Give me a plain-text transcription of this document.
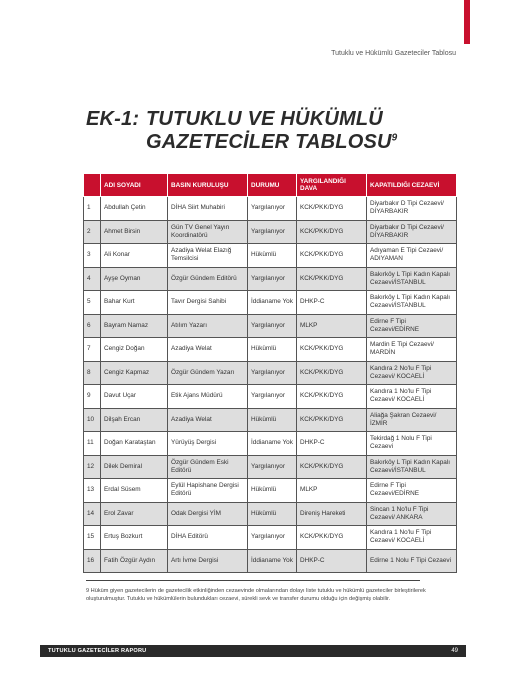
Tutuklu ve Hükümlü Gazeteciler Tablosu
EK-1: TUTUKLU VE HÜKÜMLÜ
GAZETECİLER TABLOSU$^9$
	ADI SOYADI	BASIN KURULUŞU	DURUMU	YARGILANDIĞI DAVA	KAPATILDIĞI CEZAEVİ
1	Abdullah Çetin	DİHA Siirt Muhabiri	Yargılanıyor	KCK/PKK/DYG	Diyarbakır D Tipi Cezaevi/ DİYARBAKIR
2	Ahmet Birsin	Gün TV Genel Yayın Koordinatörü	Yargılanıyor	KCK/PKK/DYG	Diyarbakır D Tipi Cezaevi/ DİYARBAKIR
3	Ali Konar	Azadiya Welat Elazığ Temsilcisi	Hükümlü	KCK/PKK/DYG	Adıyaman E Tipi Cezaevi/ ADIYAMAN
4	Ayşe Oyman	Özgür Gündem Editörü	Yargılanıyor	KCK/PKK/DYG	Bakırköy L Tipi Kadın Kapalı Cezaevi/İSTANBUL
5	Bahar Kurt	Tavır Dergisi Sahibi	İddianame Yok	DHKP-C	Bakırköy L Tipi Kadın Kapalı Cezaevi/İSTANBUL
6	Bayram Namaz	Atılım Yazarı	Yargılanıyor	MLKP	Edirne F Tipi Cezaevi/EDİRNE
7	Cengiz Doğan	Azadiya Welat	Hükümlü	KCK/PKK/DYG	Mardin E Tipi Cezaevi/ MARDİN
8	Cengiz Kapmaz	Özgür Gündem Yazarı	Yargılanıyor	KCK/PKK/DYG	Kandıra 2 No'lu F Tipi Cezaevi/ KOCAELİ
9	Davut Uçar	Etik Ajans Müdürü	Yargılanıyor	KCK/PKK/DYG	Kandıra 1 No'lu F Tipi Cezaevi/ KOCAELİ
10	Dilşah Ercan	Azadiya Welat	Hükümlü	KCK/PKK/DYG	Aliağa Şakran Cezaevi/İZMİR
11	Doğan Karataştan	Yürüyüş Dergisi	İddianame Yok	DHKP-C	Tekirdağ 1 Nolu F Tipi Cezaevi
12	Dilek Demiral	Özgür Gündem Eski Editörü	Yargılanıyor	KCK/PKK/DYG	Bakırköy L Tipi Kadın Kapalı Cezaevi/İSTANBUL
13	Erdal Süsem	Eylül Hapishane Dergisi Editörü	Hükümlü	MLKP	Edirne F Tipi Cezaevi/EDİRNE
14	Erol Zavar	Odak Dergisi YİM	Hükümlü	Direniş Hareketi	Sincan 1 No'lu F Tipi Cezaevi/ ANKARA
15	Ertuş Bozkurt	DİHA Editörü	Yargılanıyor	KCK/PKK/DYG	Kandıra 1 No'lu F Tipi Cezaevi/ KOCAELİ
16	Fatih Özgür Aydın	Artı İvme Dergisi	İddianame Yok	DHKP-C	Edirne 1 Nolu F Tipi Cezaevi
9 Hüküm giyen gazetecilerin de gazetecilik etkinliğinden cezaevinde olmalarından dolayı liste tutuklu ve hükümlü gazeteciler birleştirilerek oluşturulmuştur. Tutuklu ve hükümlülerin bulundukları cezaevi, sürekli sevk ve transfer durumu olduğu için değişmiş olabilir.
TUTUKLU GAZETECİLER RAPORU	49
